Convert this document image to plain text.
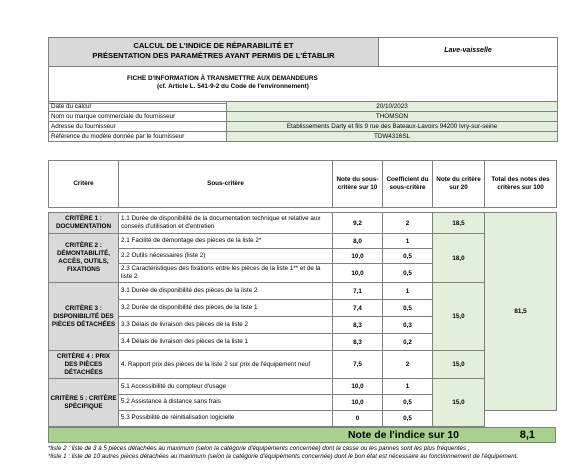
CALCUL DE L'INDICE DE RÉPARABILITÉ ET
PRÉSENTATION DES PARAMÈTRES AYANT PERMIS DE L'ÉTABLIR
Lave-vaisselle
FICHE D'INFORMATION À TRANSMETTRE AUX DEMANDEURS
(cf. Article L. 541-9-2 du Code de l'environnement)
Date du calcul	20/10/2023
Nom ou marque commerciale du fournisseur	THOMSON
Adresse du fournisseur	Etablissements Darty et fils 9 rue des Bateaux-Lavoirs 94200 Ivry-sur-seine
Référence du modèle donnée par le fournisseur	TDW4316SL
Critère	Sous-critère	Note du sous-critère sur 10	Coefficient du sous-critère	Note du critère sur 20	Total des notes des critères sur 100

CRITÈRE 1 : DOCUMENTATION	1.1 Durée de disponibilité de la documentation technique et relative aux conseils d'utilisation et d'entretien	9,2	2	18,5	81,5
CRITÈRE 2 : DÉMONTABILITÉ, ACCÈS, OUTILS, FIXATIONS	2.1 Facilité de démontage des pièces de la liste 2*	8,0	1	18,0	
	2.2 Outils nécessaires (liste 2)	10,0	0,5		
	2.3 Caractéristiques des fixations entre les pièces de la liste 1** et de la liste 2	10,0	0,5		
CRITÈRE 3 : DISPONIBILITÉ DES PIÈCES DÉTACHÉES	3.1 Durée de disponibilité des pièces de la liste 2	7,1	1	15,0	
	3.2 Durée de disponibilité des pièces de la liste 1	7,4	0,5		
	3.3 Délais de livraison des pièces de la liste 2	8,3	0,3		
	3.4 Délais de livraison des pièces de la liste 1	8,3	0,2		
CRITÈRE 4 : PRIX DES PIÈCES DÉTACHÉES	4. Rapport prix des pièces de la liste 2 sur prix de l'équipement neuf	7,5	2	15,0	
CRITÈRE 5 : CRITÈRE SPÉCIFIQUE	5.1 Accessibilité du compteur d'usage	10,0	1	15,0	
	5.2 Assistance à distance sans frais	10,0	0,5		
	5.3 Possibilité de réinitialisation logicielle	0	0,5		
Note de l'indice sur 10	8,1
*liste 2 : liste de 3 à 5 pièces détachées au maximum (selon la catégorie d'équipements concernée) dont la casse ou les pannes sont les plus fréquentes ;
*liste 1 : liste de 10 autres pièces détachées au maximum (selon la catégorie d'équipements concernée) dont le bon état est nécessaire au fonctionnement de l'équipement.
